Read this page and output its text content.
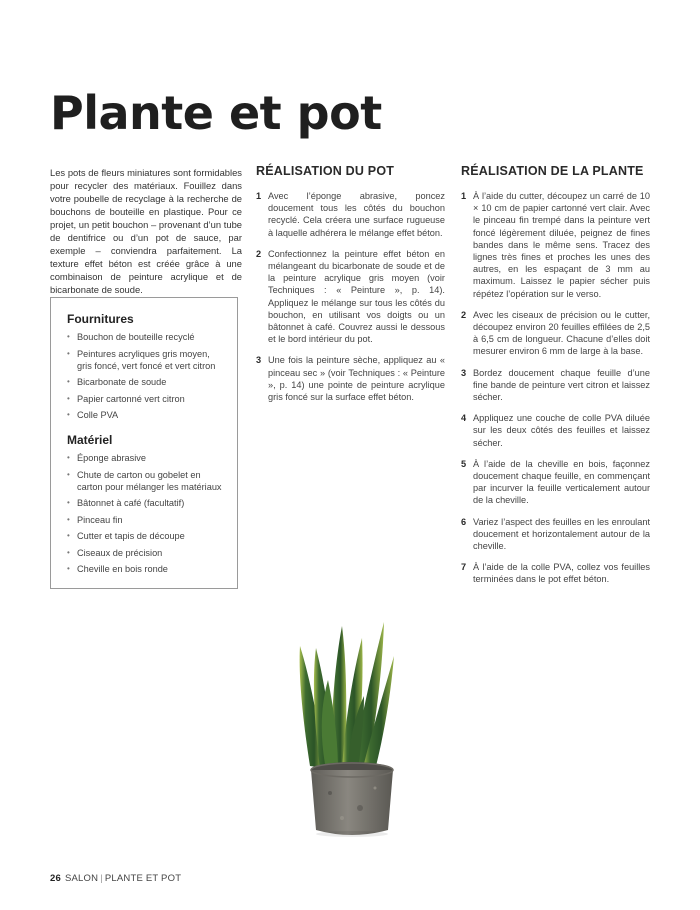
Plante et pot

Les pots de fleurs miniatures sont formidables pour recycler des matériaux. Fouillez dans votre poubelle de recyclage à la recherche de bouchons de bouteille en plastique. Pour ce projet, un petit bouchon – provenant d’un tube de dentifrice ou d’un pot de sauce, par exemple – conviendra parfaitement. La texture effet béton est créée grâce à une combinaison de peinture acrylique et de bicarbonate de soude.

Fournitures
• Bouchon de bouteille recyclé
• Peintures acryliques gris moyen, gris foncé, vert foncé et vert citron
• Bicarbonate de soude
• Papier cartonné vert citron
• Colle PVA
Matériel
• Éponge abrasive
• Chute de carton ou gobelet en carton pour mélanger les matériaux
• Bâtonnet à café (facultatif)
• Pinceau fin
• Cutter et tapis de découpe
• Ciseaux de précision
• Cheville en bois ronde
RÉALISATION DU POT
1 Avec l’éponge abrasive, poncez doucement tous les côtés du bouchon recyclé. Cela créera une surface rugueuse à laquelle adhérera le mélange effet béton.
2 Confectionnez la peinture effet béton en mélangeant du bicarbonate de soude et de la peinture acrylique gris moyen (voir Techniques : « Peinture », p. 14). Appliquez le mélange sur tous les côtés du bouchon, en utilisant vos doigts ou un bâtonnet à café. Couvrez aussi le dessous et le bord intérieur du pot.
3 Une fois la peinture sèche, appliquez au « pinceau sec » (voir Techniques : « Peinture », p. 14) une pointe de peinture acrylique gris foncé sur la surface effet béton.
RÉALISATION DE LA PLANTE
1 À l’aide du cutter, découpez un carré de 10 × 10 cm de papier cartonné vert clair. Avec le pinceau fin trempé dans la peinture vert foncé légèrement diluée, peignez de fines bandes dans le même sens. Tracez des lignes très fines et proches les unes des autres, en les espaçant de 3 mm au maximum. Laissez le papier sécher puis répétez l’opération sur le verso.
2 Avec les ciseaux de précision ou le cutter, découpez environ 20 feuilles effilées de 2,5 à 6,5 cm de longueur. Chacune d’elles doit mesurer environ 6 mm de large à la base.
3 Bordez doucement chaque feuille d’une fine bande de peinture vert citron et laissez sécher.
4 Appliquez une couche de colle PVA diluée sur les deux côtés des feuilles et laissez sécher.
5 À l’aide de la cheville en bois, façonnez doucement chaque feuille, en commençant par incurver la feuille verticalement autour de la cheville.
6 Variez l’aspect des feuilles en les enroulant doucement et horizontalement autour de la cheville.
7 À l’aide de la colle PVA, collez vos feuilles terminées dans le pot effet béton.
26 SALON | PLANTE ET POT
